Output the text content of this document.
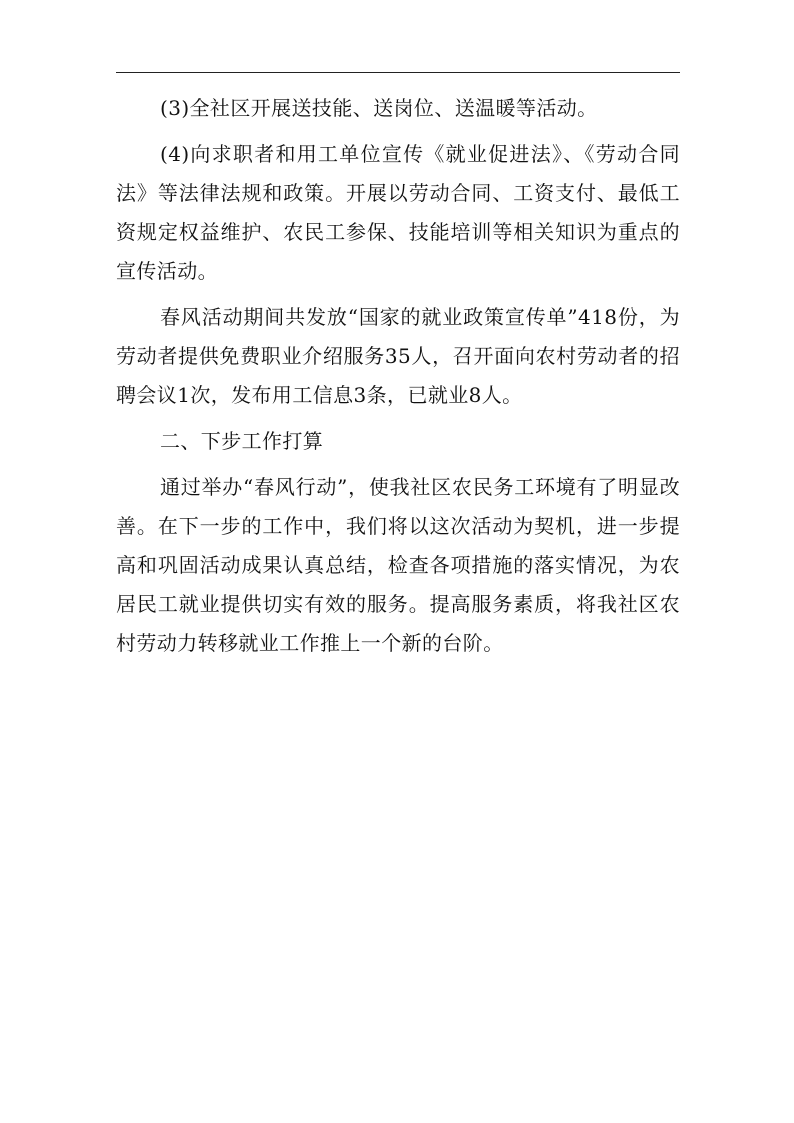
(3)全社区开展送技能、送岗位、送温暖等活动。

(4)向求职者和用工单位宣传《就业促进法》、《劳动合同法》等法律法规和政策。开展以劳动合同、工资支付、最低工资规定权益维护、农民工参保、技能培训等相关知识为重点的宣传活动。

春风活动期间共发放“国家的就业政策宣传单”418份，为劳动者提供免费职业介绍服务35人，召开面向农村劳动者的招聘会议1次，发布用工信息3条，已就业8人。

二、下步工作打算

通过举办“春风行动”，使我社区农民务工环境有了明显改善。在下一步的工作中，我们将以这次活动为契机，进一步提高和巩固活动成果认真总结，检查各项措施的落实情况，为农居民工就业提供切实有效的服务。提高服务素质，将我社区农村劳动力转移就业工作推上一个新的台阶。
